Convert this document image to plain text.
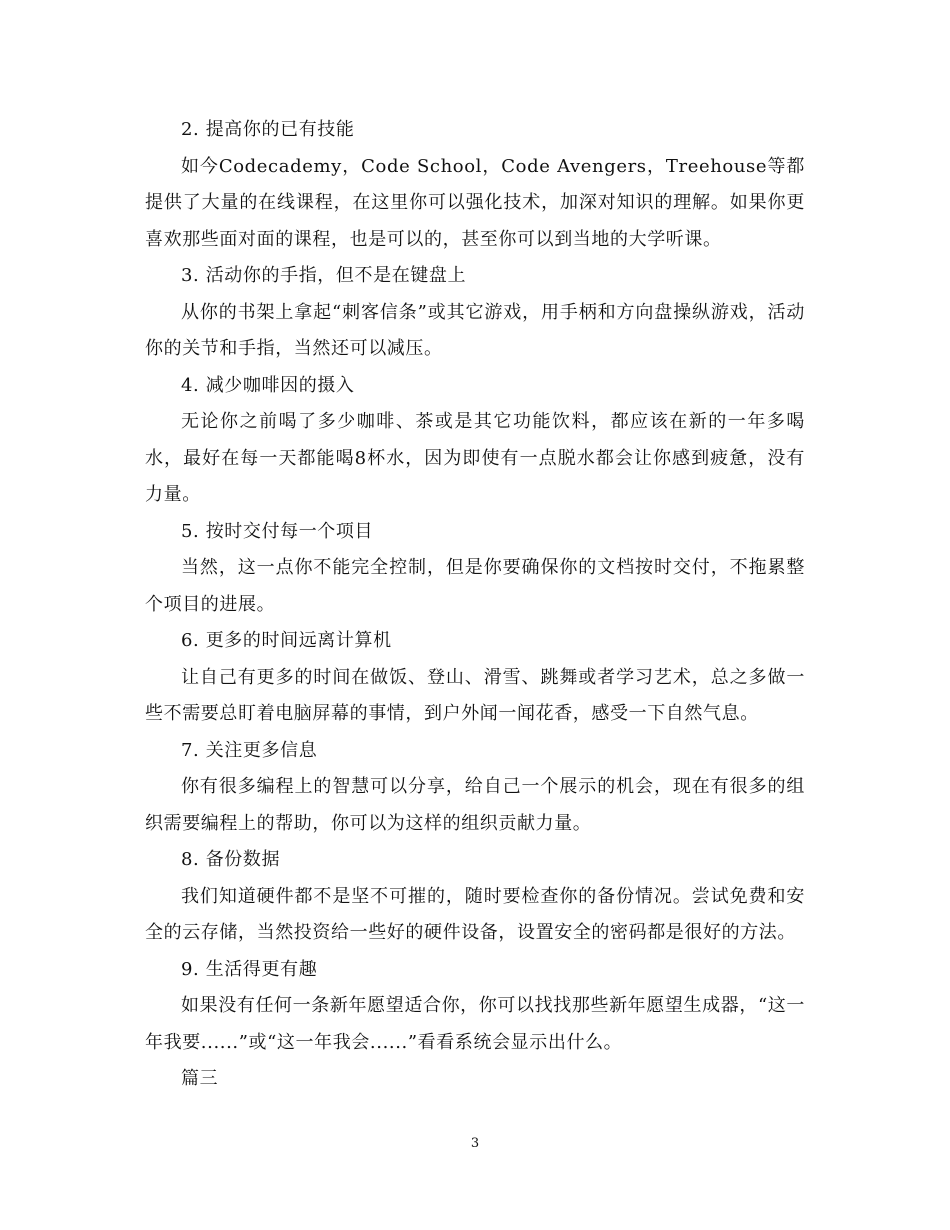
2. 提高你的已有技能

如今Codecademy，Code School，Code Avengers，Treehouse等都提供了大量的在线课程，在这里你可以强化技术，加深对知识的理解。如果你更喜欢那些面对面的课程，也是可以的，甚至你可以到当地的大学听课。

3. 活动你的手指，但不是在键盘上

从你的书架上拿起“刺客信条”或其它游戏，用手柄和方向盘操纵游戏，活动你的关节和手指，当然还可以减压。

4. 减少咖啡因的摄入

无论你之前喝了多少咖啡、茶或是其它功能饮料，都应该在新的一年多喝水，最好在每一天都能喝8杯水，因为即使有一点脱水都会让你感到疲惫，没有力量。

5. 按时交付每一个项目

当然，这一点你不能完全控制，但是你要确保你的文档按时交付，不拖累整个项目的进展。

6. 更多的时间远离计算机

让自己有更多的时间在做饭、登山、滑雪、跳舞或者学习艺术，总之多做一些不需要总盯着电脑屏幕的事情，到户外闻一闻花香，感受一下自然气息。

7. 关注更多信息

你有很多编程上的智慧可以分享，给自己一个展示的机会，现在有很多的组织需要编程上的帮助，你可以为这样的组织贡献力量。

8. 备份数据

我们知道硬件都不是坚不可摧的，随时要检查你的备份情况。尝试免费和安全的云存储，当然投资给一些好的硬件设备，设置安全的密码都是很好的方法。

9. 生活得更有趣

如果没有任何一条新年愿望适合你，你可以找找那些新年愿望生成器，“这一年我要......”或“这一年我会......”看看系统会显示出什么。

篇三

3
